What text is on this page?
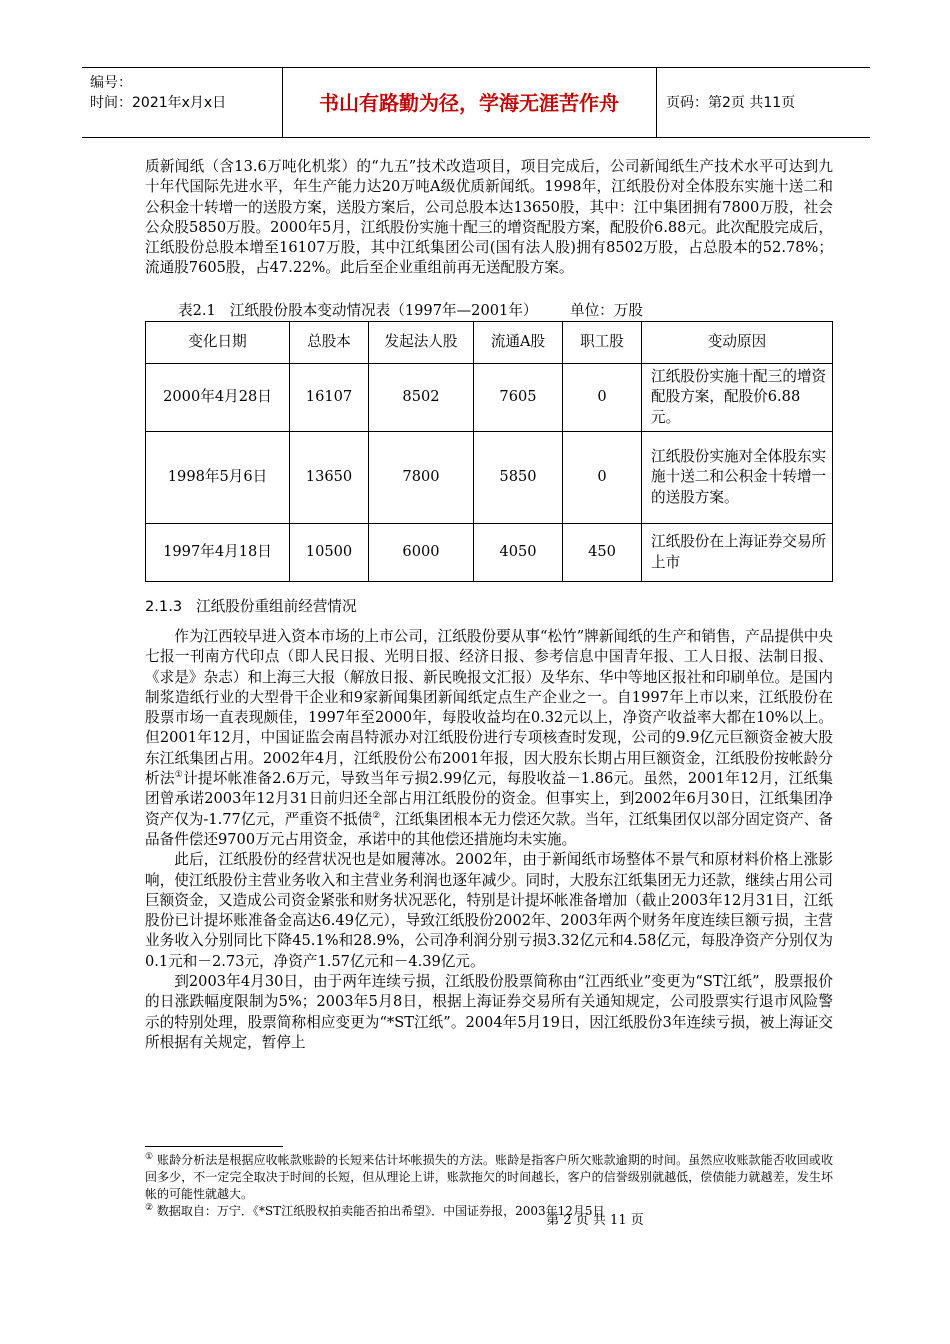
编号：
时间：2021年x月x日	书山有路勤为径，学海无涯苦作舟	页码：第2页 共11页

质新闻纸（含13.6万吨化机浆）的“九五”技术改造项目，项目完成后，公司新闻纸生产技术水平可达到九十年代国际先进水平，年生产能力达20万吨A级优质新闻纸。1998年，江纸股份对全体股东实施十送二和公积金十转增一的送股方案，送股方案后，公司总股本达13650股，其中：江中集团拥有7800万股，社会公众股5850万股。2000年5月，江纸股份实施十配三的增资配股方案，配股价6.88元。此次配股完成后，江纸股份总股本增至16107万股，其中江纸集团公司(国有法人股)拥有8502万股，占总股本的52.78%；流通股7605股，占47.22%。此后至企业重组前再无送配股方案。

表2.1   江纸股份股本变动情况表（1997年—2001年）       单位：万股
变化日期	总股本	发起法人股	流通A股	职工股	变动原因
2000年4月28日	16107	8502	7605	0	江纸股份实施十配三的增资配股方案，配股价6.88元。
1998年5月6日	13650	7800	5850	0	江纸股份实施对全体股东实施十送二和公积金十转增一的送股方案。
1997年4月18日	10500	6000	4050	450	江纸股份在上海证券交易所上市
2.1.3 江纸股份重组前经营情况

作为江西较早进入资本市场的上市公司，江纸股份要从事“松竹”牌新闻纸的生产和销售，产品提供中央七报一刊南方代印点（即人民日报、光明日报、经济日报、参考信息中国青年报、工人日报、法制日报、《求是》杂志）和上海三大报（解放日报、新民晚报文汇报）及华东、华中等地区报社和印刷单位。是国内制浆造纸行业的大型骨干企业和9家新闻集团新闻纸定点生产企业之一。自1997年上市以来，江纸股份在股票市场一直表现颇佳，1997年至2000年，每股收益均在0.32元以上，净资产收益率大都在10%以上。但2001年12月，中国证监会南昌特派办对江纸股份进行专项核查时发现，公司的9.9亿元巨额资金被大股东江纸集团占用。2002年4月，江纸股份公布2001年报，因大股东长期占用巨额资金，江纸股份按帐龄分析法①计提坏帐准备2.6万元，导致当年亏损2.99亿元，每股收益－1.86元。虽然，2001年12月，江纸集团曾承诺2003年12月31日前归还全部占用江纸股份的资金。但事实上，到2002年6月30日，江纸集团净资产仅为-1.77亿元，严重资不抵债②，江纸集团根本无力偿还欠款。当年，江纸集团仅以部分固定资产、备品备件偿还9700万元占用资金，承诺中的其他偿还措施均未实施。

此后，江纸股份的经营状况也是如履薄冰。2002年，由于新闻纸市场整体不景气和原材料价格上涨影响，使江纸股份主营业务收入和主营业务利润也逐年减少。同时，大股东江纸集团无力还款，继续占用公司巨额资金，又造成公司资金紧张和财务状况恶化，特别是计提坏帐准备增加（截止2003年12月31日，江纸股份已计提坏账准备金高达6.49亿元），导致江纸股份2002年、2003年两个财务年度连续巨额亏损，主营业务收入分别同比下降45.1%和28.9%，公司净利润分别亏损3.32亿元和4.58亿元，每股净资产分别仅为0.1元和－2.73元，净资产1.57亿元和－4.39亿元。

到2003年4月30日，由于两年连续亏损，江纸股份股票简称由“江西纸业”变更为“ST江纸”，股票报价的日涨跌幅度限制为5%；2003年5月8日，根据上海证券交易所有关通知规定，公司股票实行退市风险警示的特别处理，股票简称相应变更为“*ST江纸”。2004年5月19日，因江纸股份3年连续亏损，被上海证交所根据有关规定，暂停上

① 账龄分析法是根据应收帐款账龄的长短来估计坏帐损失的方法。账龄是指客户所欠账款逾期的时间。虽然应收账款能否收回或收回多少，不一定完全取决于时间的长短，但从理论上讲，账款拖欠的时间越长，客户的信誉级别就越低，偿债能力就越差，发生坏帐的可能性就越大。
② 数据取自：万宁．《*ST江纸股权拍卖能否拍出希望》．中国证券报，2003年12月5日
第 2 页 共 11 页
